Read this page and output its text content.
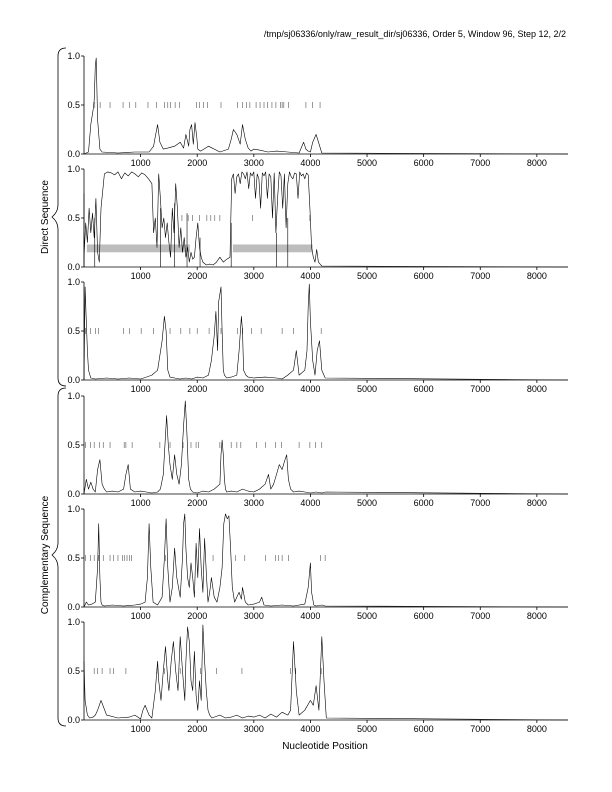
/tmp/sj06336/only/raw_result_dir/sj06336, Order 5, Window 96, Step 12, 2/2
0.0
0.5
1.0
1000	2000	3000	4000	5000	6000	7000	8000
0.0
0.5
1.0
1000	2000	3000	4000	5000	6000	7000	8000
0.0
0.5
1.0
1000	2000	3000	4000	5000	6000	7000	8000
0.0
0.5
1.0
1000	2000	3000	4000	5000	6000	7000	8000
0.0
0.5
1.0
1000	2000	3000	4000	5000	6000	7000	8000
0.0
0.5
1.0
1000	2000	3000	4000	5000	6000	7000	8000
Direct Sequence
Complementary Sequence
Nucleotide Position
